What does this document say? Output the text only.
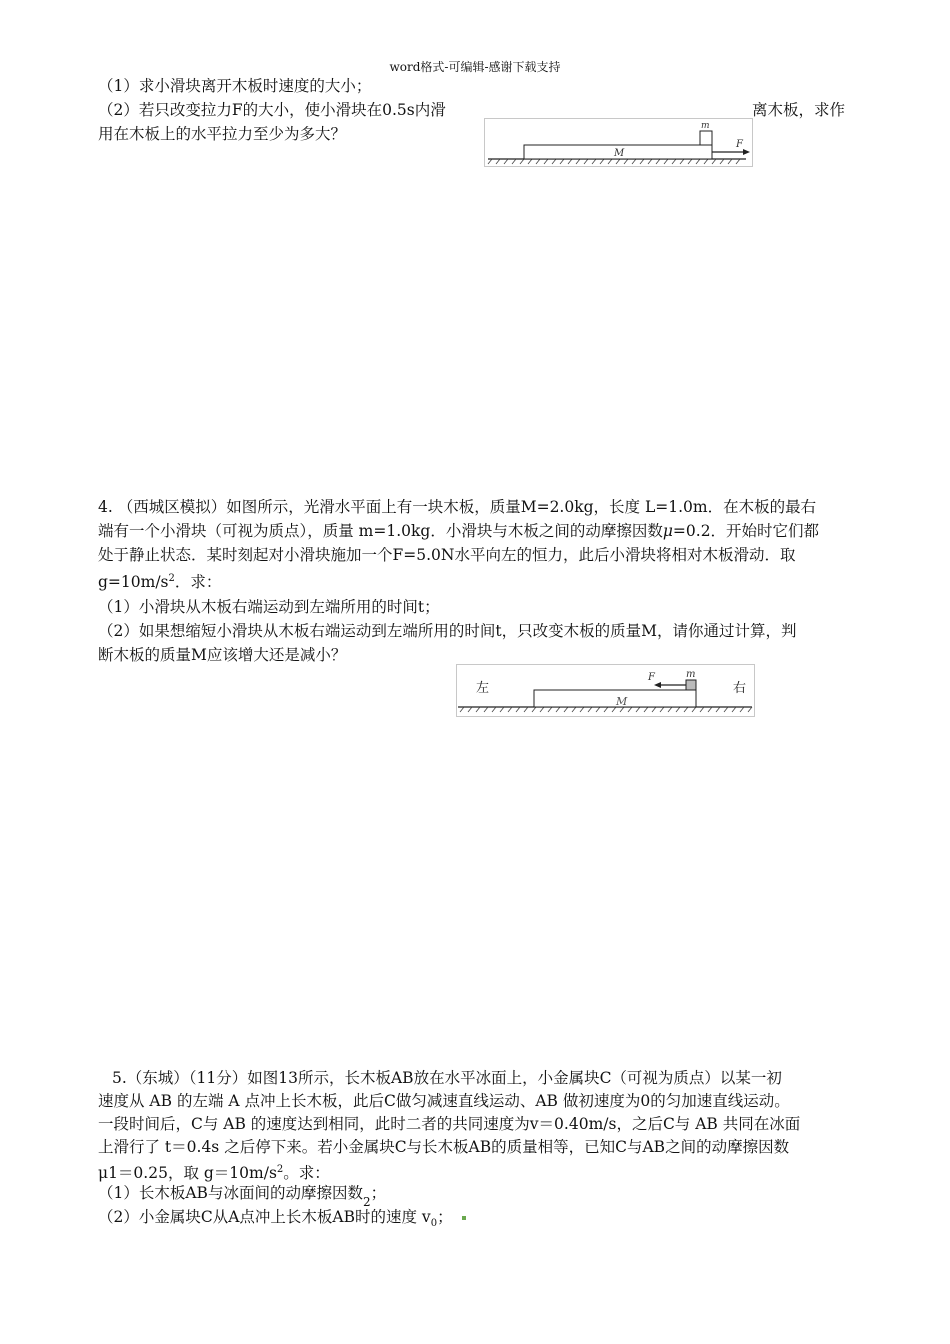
word格式-可编辑-感谢下载支持
（1）求小滑块离开木板时速度的大小；
（2）若只改变拉力F的大小，使小滑块在0.5s内滑	离木板，求作
用在木板上的水平拉力至少为多大？
M
m
F
4. （西城区模拟）如图所示，光滑水平面上有一块木板，质量M=2.0kg，长度 L=1.0m．在木板的最右
端有一个小滑块（可视为质点），质量 m=1.0kg．小滑块与木板之间的动摩擦因数μ=0.2．开始时它们都
处于静止状态．某时刻起对小滑块施加一个F=5.0N水平向左的恒力，此后小滑块将相对木板滑动．取
$g=10m/s^2$．求：
（1）小滑块从木板右端运动到左端所用的时间t；
（2）如果想缩短小滑块从木板右端运动到左端所用的时间t，只改变木板的质量M，请你通过计算，判
断木板的质量M应该增大还是减小？
左	右
M
m
F
5.（东城）（11分）如图13所示，长木板AB放在水平冰面上，小金属块C（可视为质点）以某一初
速度从 AB 的左端 A 点冲上长木板，此后C做匀减速直线运动、AB 做初速度为0的匀加速直线运动。
一段时间后，C与 AB 的速度达到相同，此时二者的共同速度为v＝0.40m/s，之后C与 AB 共同在冰面
上滑行了 t＝0.4s 之后停下来。若小金属块C与长木板AB的质量相等，已知C与AB之间的动摩擦因数
μ1＝0.25，取 $g=10m/s^2$。求：
（1）长木板AB与冰面间的动摩擦因数$_2$；
（2）小金属块C从A点冲上长木板AB时的速度 $v_0$；
